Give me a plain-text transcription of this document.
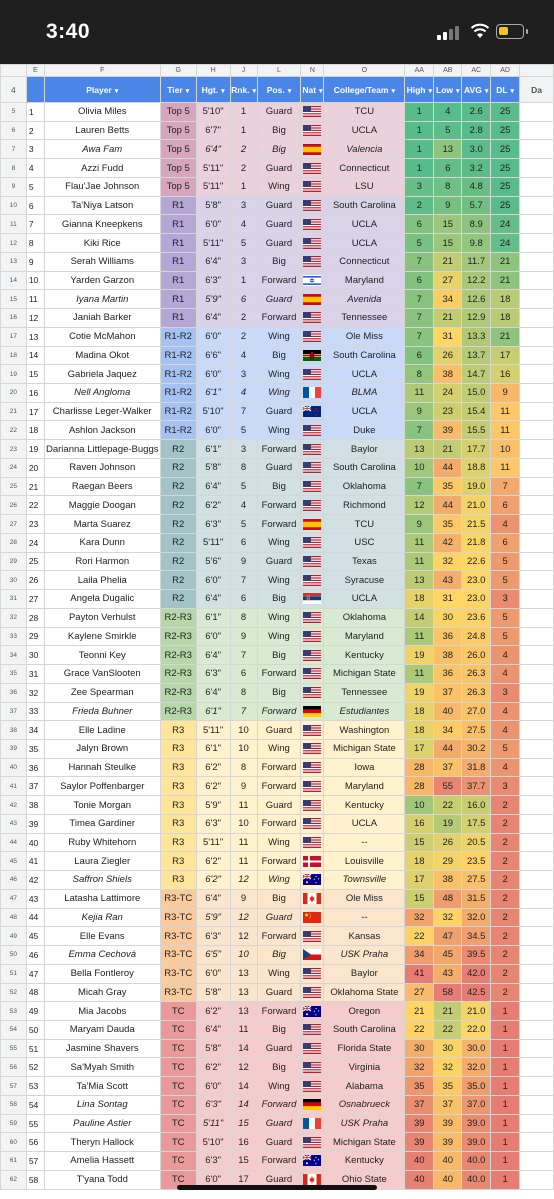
3:40
	E	F	G	H	J	L	N	O	AA	AB	AC	AD	
4		Player ▾	Tier ▾	Hgt. ▾	Rnk. ▾	Pos. ▾	Nat ▾	College/Team ▾	High ▾	Low ▾	AVG ▾	DL ▾	Da
5	1	Olivia Miles	Top 5	5'10"	1	Guard		TCU	1	4	2.6	25	
6	2	Lauren Betts	Top 5	6'7"	1	Big		UCLA	1	5	2.8	25	
7	3	Awa Fam	Top 5	6'4"	2	Big		Valencia	1	13	3.0	25	
8	4	Azzi Fudd	Top 5	5'11"	2	Guard		Connecticut	1	6	3.2	25	
9	5	Flau'Jae Johnson	Top 5	5'11"	1	Wing		LSU	3	8	4.8	25	
10	6	Ta'Niya Latson	R1	5'8"	3	Guard		South Carolina	2	9	5.7	25	
11	7	Gianna Kneepkens	R1	6'0"	4	Guard		UCLA	6	15	8.9	24	
12	8	Kiki Rice	R1	5'11"	5	Guard		UCLA	5	15	9.8	24	
13	9	Serah Williams	R1	6'4"	3	Big		Connecticut	7	21	11.7	21	
14	10	Yarden Garzon	R1	6'3"	1	Forward		Maryland	6	27	12.2	21	
15	11	Iyana Martin	R1	5'9"	6	Guard		Avenida	7	34	12.6	18	
16	12	Janiah Barker	R1	6'4"	2	Forward		Tennessee	7	21	12.9	18	
17	13	Cotie McMahon	R1-R2	6'0"	2	Wing		Ole Miss	7	31	13.3	21	
18	14	Madina Okot	R1-R2	6'6"	4	Big		South Carolina	6	26	13.7	17	
19	15	Gabriela Jaquez	R1-R2	6'0"	3	Wing		UCLA	8	38	14.7	16	
20	16	Nell Angloma	R1-R2	6'1"	4	Wing		BLMA	11	24	15.0	9	
21	17	Charlisse Leger-Walker	R1-R2	5'10"	7	Guard		UCLA	9	23	15.4	11	
22	18	Ashlon Jackson	R1-R2	6'0"	5	Wing		Duke	7	39	15.5	11	
23	19	Darianna Littlepage-Buggs	R2	6'1"	3	Forward		Baylor	13	21	17.7	10	
24	20	Raven Johnson	R2	5'8"	8	Guard		South Carolina	10	44	18.8	11	
25	21	Raegan Beers	R2	6'4"	5	Big		Oklahoma	7	35	19.0	7	
26	22	Maggie Doogan	R2	6'2"	4	Forward		Richmond	12	44	21.0	6	
27	23	Marta Suarez	R2	6'3"	5	Forward		TCU	9	35	21.5	4	
28	24	Kara Dunn	R2	5'11"	6	Wing		USC	11	42	21.8	6	
29	25	Rori Harmon	R2	5'6"	9	Guard		Texas	11	32	22.6	5	
30	26	Laila Phelia	R2	6'0"	7	Wing		Syracuse	13	43	23.0	5	
31	27	Angela Dugalic	R2	6'4"	6	Big		UCLA	18	31	23.0	3	
32	28	Payton Verhulst	R2-R3	6'1"	8	Wing		Oklahoma	14	30	23.6	5	
33	29	Kaylene Smirkle	R2-R3	6'0"	9	Wing		Maryland	11	36	24.8	5	
34	30	Teonni Key	R2-R3	6'4"	7	Big		Kentucky	19	38	26.0	4	
35	31	Grace VanSlooten	R2-R3	6'3"	6	Forward		Michigan State	11	36	26.3	4	
36	32	Zee Spearman	R2-R3	6'4"	8	Big		Tennessee	19	37	26.3	3	
37	33	Frieda Buhner	R2-R3	6'1"	7	Forward		Estudiantes	18	40	27.0	4	
38	34	Elle Ladine	R3	5'11"	10	Guard		Washington	18	34	27.5	4	
39	35	Jalyn Brown	R3	6'1"	10	Wing		Michigan State	17	44	30.2	5	
40	36	Hannah Steulke	R3	6'2"	8	Forward		Iowa	28	37	31.8	4	
41	37	Saylor Poffenbarger	R3	6'2"	9	Forward		Maryland	28	55	37.7	3	
42	38	Tonie Morgan	R3	5'9"	11	Guard		Kentucky	10	22	16.0	2	
43	39	Timea Gardiner	R3	6'3"	10	Forward		UCLA	16	19	17.5	2	
44	40	Ruby Whitehorn	R3	5'11"	11	Wing		--	15	26	20.5	2	
45	41	Laura Ziegler	R3	6'2"	11	Forward		Louisville	18	29	23.5	2	
46	42	Saffron Shiels	R3	6'2"	12	Wing		Townsville	17	38	27.5	2	
47	43	Latasha Lattimore	R3-TC	6'4"	9	Big		Ole Miss	15	48	31.5	2	
48	44	Kejia Ran	R3-TC	5'9"	12	Guard		--	32	32	32.0	2	
49	45	Elle Evans	R3-TC	6'3"	12	Forward		Kansas	22	47	34.5	2	
50	46	Emma Cechová	R3-TC	6'5"	10	Big		USK Praha	34	45	39.5	2	
51	47	Bella Fontleroy	R3-TC	6'0"	13	Wing		Baylor	41	43	42.0	2	
52	48	Micah Gray	R3-TC	5'8"	13	Guard		Oklahoma State	27	58	42.5	2	
53	49	Mia Jacobs	TC	6'2"	13	Forward		Oregon	21	21	21.0	1	
54	50	Maryam Dauda	TC	6'4"	11	Big		South Carolina	22	22	22.0	1	
55	51	Jasmine Shavers	TC	5'8"	14	Guard		Florida State	30	30	30.0	1	
56	52	Sa'Myah Smith	TC	6'2"	12	Big		Virginia	32	32	32.0	1	
57	53	Ta'Mia Scott	TC	6'0"	14	Wing		Alabama	35	35	35.0	1	
58	54	Lina Sontag	TC	6'3"	14	Forward		Osnabrueck	37	37	37.0	1	
59	55	Pauline Astier	TC	5'11"	15	Guard		USK Praha	39	39	39.0	1	
60	56	Theryn Hallock	TC	5'10"	16	Guard		Michigan State	39	39	39.0	1	
61	57	Amelia Hassett	TC	6'3"	15	Forward		Kentucky	40	40	40.0	1	
62	58	T'yana Todd	TC	6'0"	17	Guard		Ohio State	40	40	40.0	1	
